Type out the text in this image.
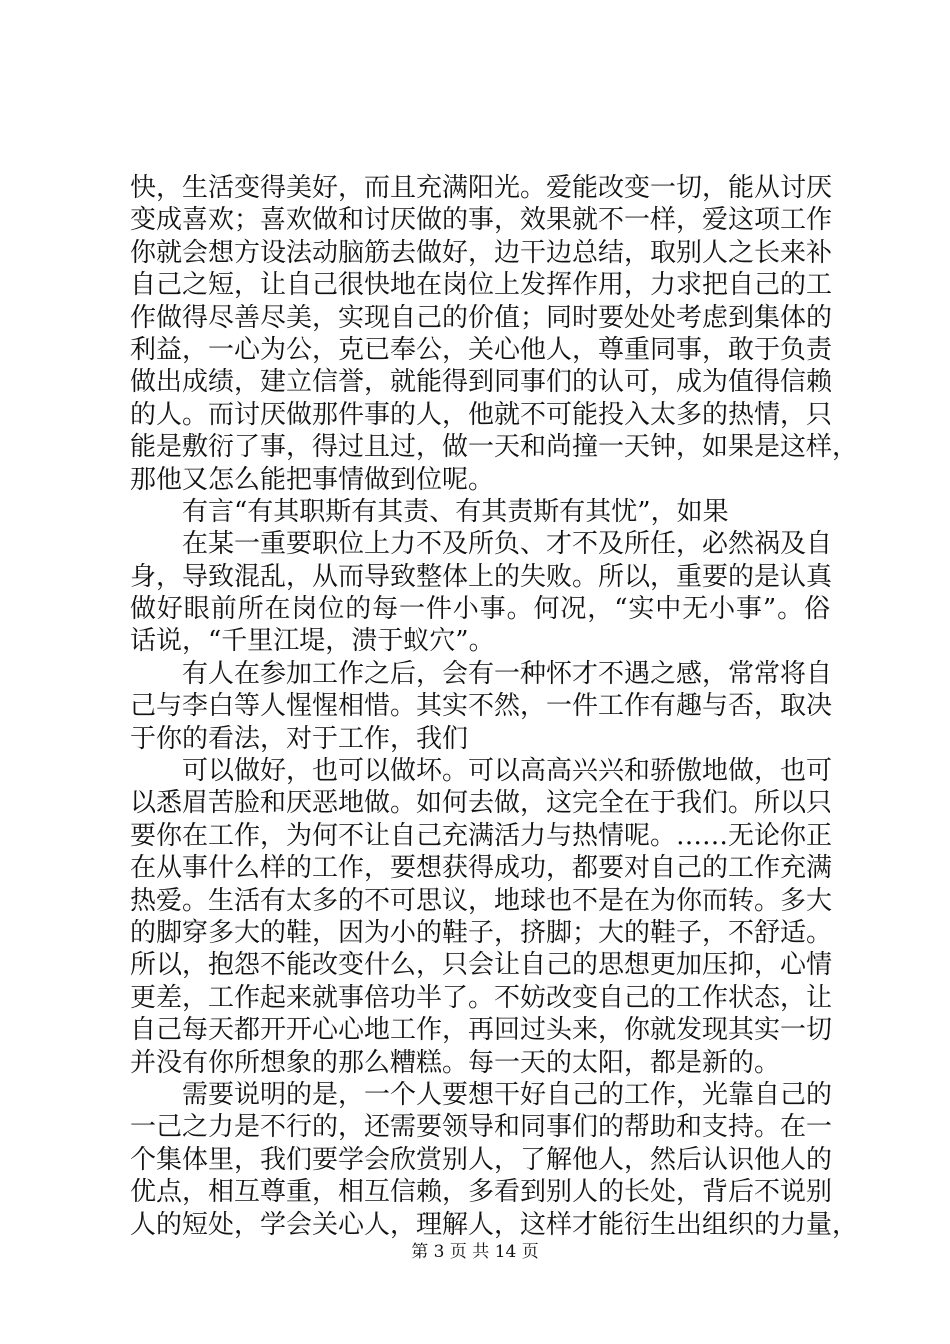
快，生活变得美好，而且充满阳光。爱能改变一切，能从讨厌
变成喜欢；喜欢做和讨厌做的事，效果就不一样，爱这项工作
你就会想方设法动脑筋去做好，边干边总结，取别人之长来补
自己之短，让自己很快地在岗位上发挥作用，力求把自己的工
作做得尽善尽美，实现自己的价值；同时要处处考虑到集体的
利益，一心为公，克已奉公，关心他人，尊重同事，敢于负责
做出成绩，建立信誉，就能得到同事们的认可，成为值得信赖
的人。而讨厌做那件事的人，他就不可能投入太多的热情，只
能是敷衍了事，得过且过，做一天和尚撞一天钟，如果是这样，
那他又怎么能把事情做到位呢。
有言“有其职斯有其责、有其责斯有其忧”，如果
在某一重要职位上力不及所负、才不及所任，必然祸及自
身，导致混乱，从而导致整体上的失败。所以，重要的是认真
做好眼前所在岗位的每一件小事。何况，“实中无小事”。俗
话说，“千里江堤，溃于蚁穴”。
有人在参加工作之后，会有一种怀才不遇之感，常常将自
己与李白等人惺惺相惜。其实不然，一件工作有趣与否，取决
于你的看法，对于工作，我们
可以做好，也可以做坏。可以高高兴兴和骄傲地做，也可
以悉眉苦脸和厌恶地做。如何去做，这完全在于我们。所以只
要你在工作，为何不让自己充满活力与热情呢。……无论你正
在从事什么样的工作，要想获得成功，都要对自己的工作充满
热爱。生活有太多的不可思议，地球也不是在为你而转。多大
的脚穿多大的鞋，因为小的鞋子，挤脚；大的鞋子，不舒适。
所以，抱怨不能改变什么，只会让自己的思想更加压抑，心情
更差，工作起来就事倍功半了。不妨改变自己的工作状态，让
自己每天都开开心心地工作，再回过头来，你就发现其实一切
并没有你所想象的那么糟糕。每一天的太阳，都是新的。
需要说明的是，一个人要想干好自己的工作，光靠自己的
一己之力是不行的，还需要领导和同事们的帮助和支持。在一
个集体里，我们要学会欣赏别人，了解他人，然后认识他人的
优点，相互尊重，相互信赖，多看到别人的长处，背后不说别
人的短处，学会关心人，理解人，这样才能衍生出组织的力量，
第 3 页 共 14 页
